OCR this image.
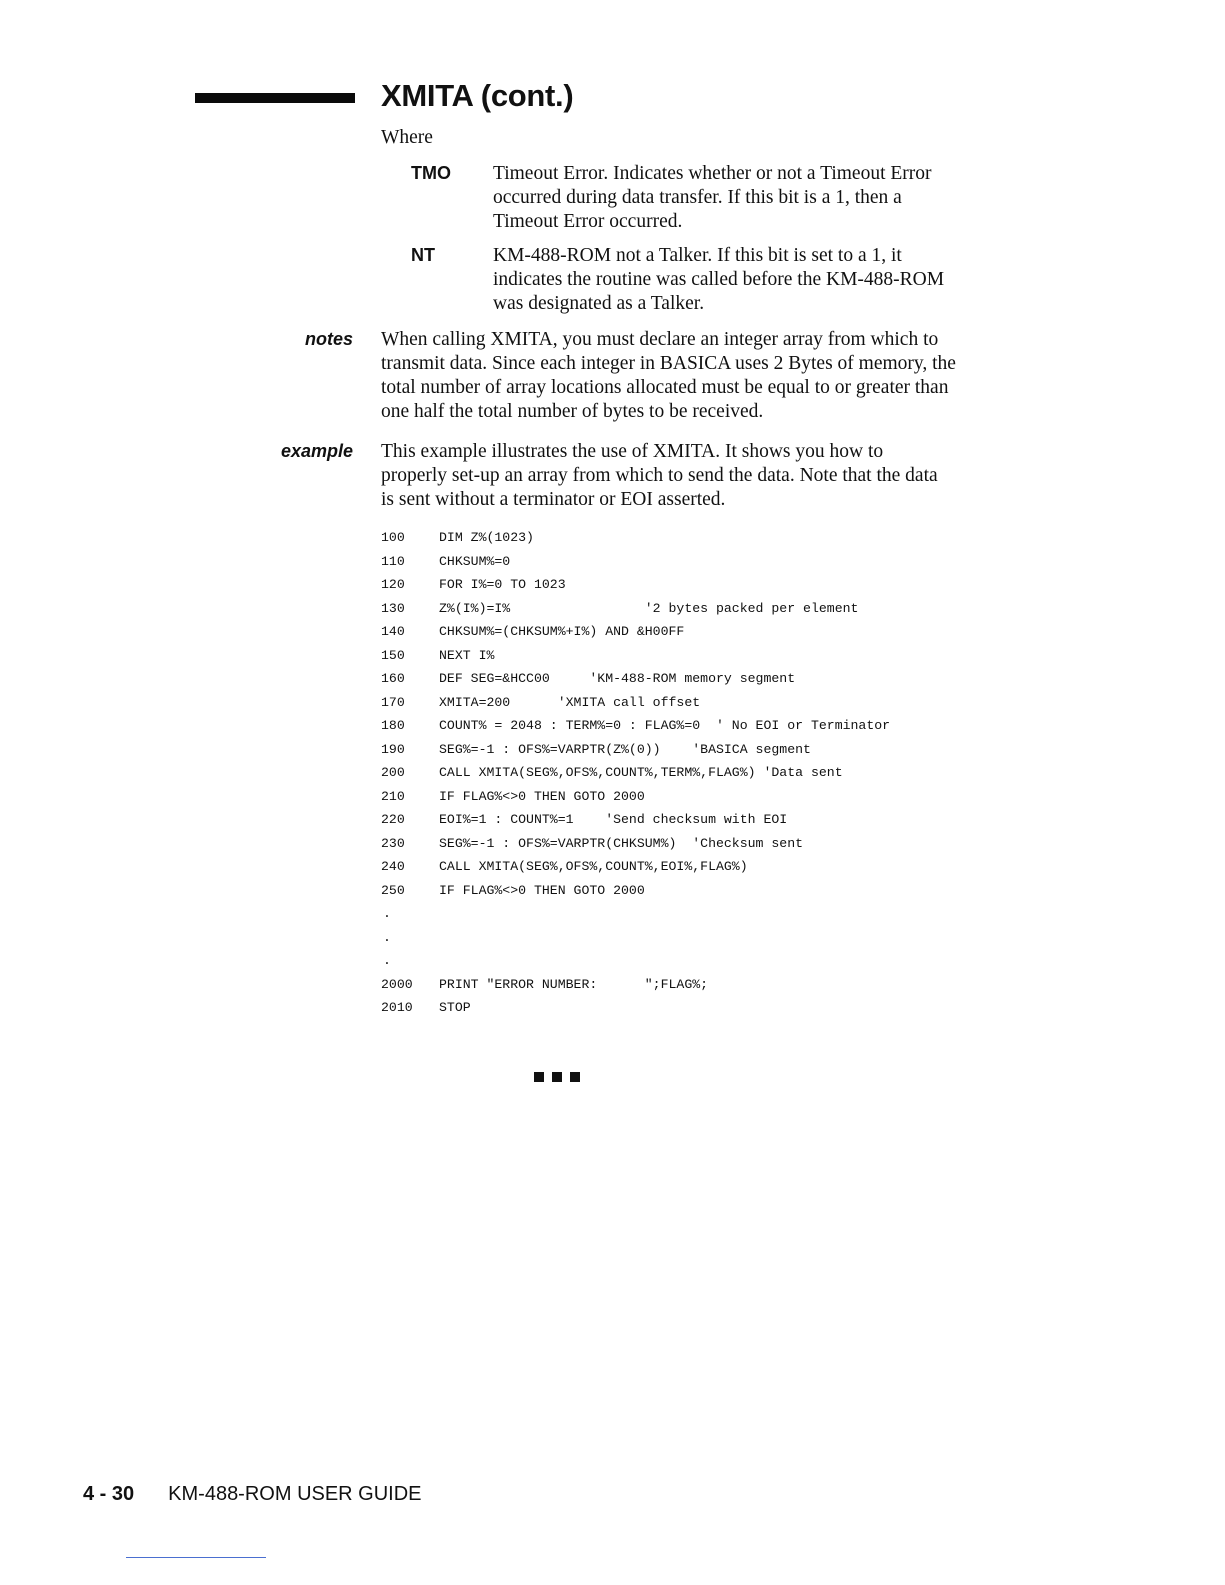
XMITA (cont.)
Where
TMO	Timeout Error. Indicates whether or not a Timeout Error
occurred during data transfer. If this bit is a 1, then a
Timeout Error occurred.
NT	KM-488-ROM not a Talker. If this bit is set to a 1, it
indicates the routine was called before the KM-488-ROM
was designated as a Talker.
notes When calling XMITA, you must declare an integer array from which to
transmit data. Since each integer in BASICA uses 2 Bytes of memory, the
total number of array locations allocated must be equal to or greater than
one half the total number of bytes to be received.
example This example illustrates the use of XMITA. It shows you how to
properly set-up an array from which to send the data. Note that the data
is sent without a terminator or EOI asserted.
100	DIM Z%(1023)
110	CHKSUM%=0
120	FOR I%=0 TO 1023
130	Z%(I%)=I%                 '2 bytes packed per element
140	CHKSUM%=(CHKSUM%+I%) AND &H00FF
150	NEXT I%
160	DEF SEG=&HCC00     'KM-488-ROM memory segment
170	XMITA=200      'XMITA call offset
180	COUNT% = 2048 : TERM%=0 : FLAG%=0  ' No EOI or Terminator
190	SEG%=-1 : OFS%=VARPTR(Z%(0))    'BASICA segment
200	CALL XMITA(SEG%,OFS%,COUNT%,TERM%,FLAG%) 'Data sent
210	IF FLAG%<>0 THEN GOTO 2000
220	EOI%=1 : COUNT%=1    'Send checksum with EOI
230	SEG%=-1 : OFS%=VARPTR(CHKSUM%)  'Checksum sent
240	CALL XMITA(SEG%,OFS%,COUNT%,EOI%,FLAG%)
250	IF FLAG%<>0 THEN GOTO 2000
.
.
.
2000 PRINT "ERROR NUMBER:      ";FLAG%;
2010 STOP
4 - 30 KM-488-ROM USER GUIDE
